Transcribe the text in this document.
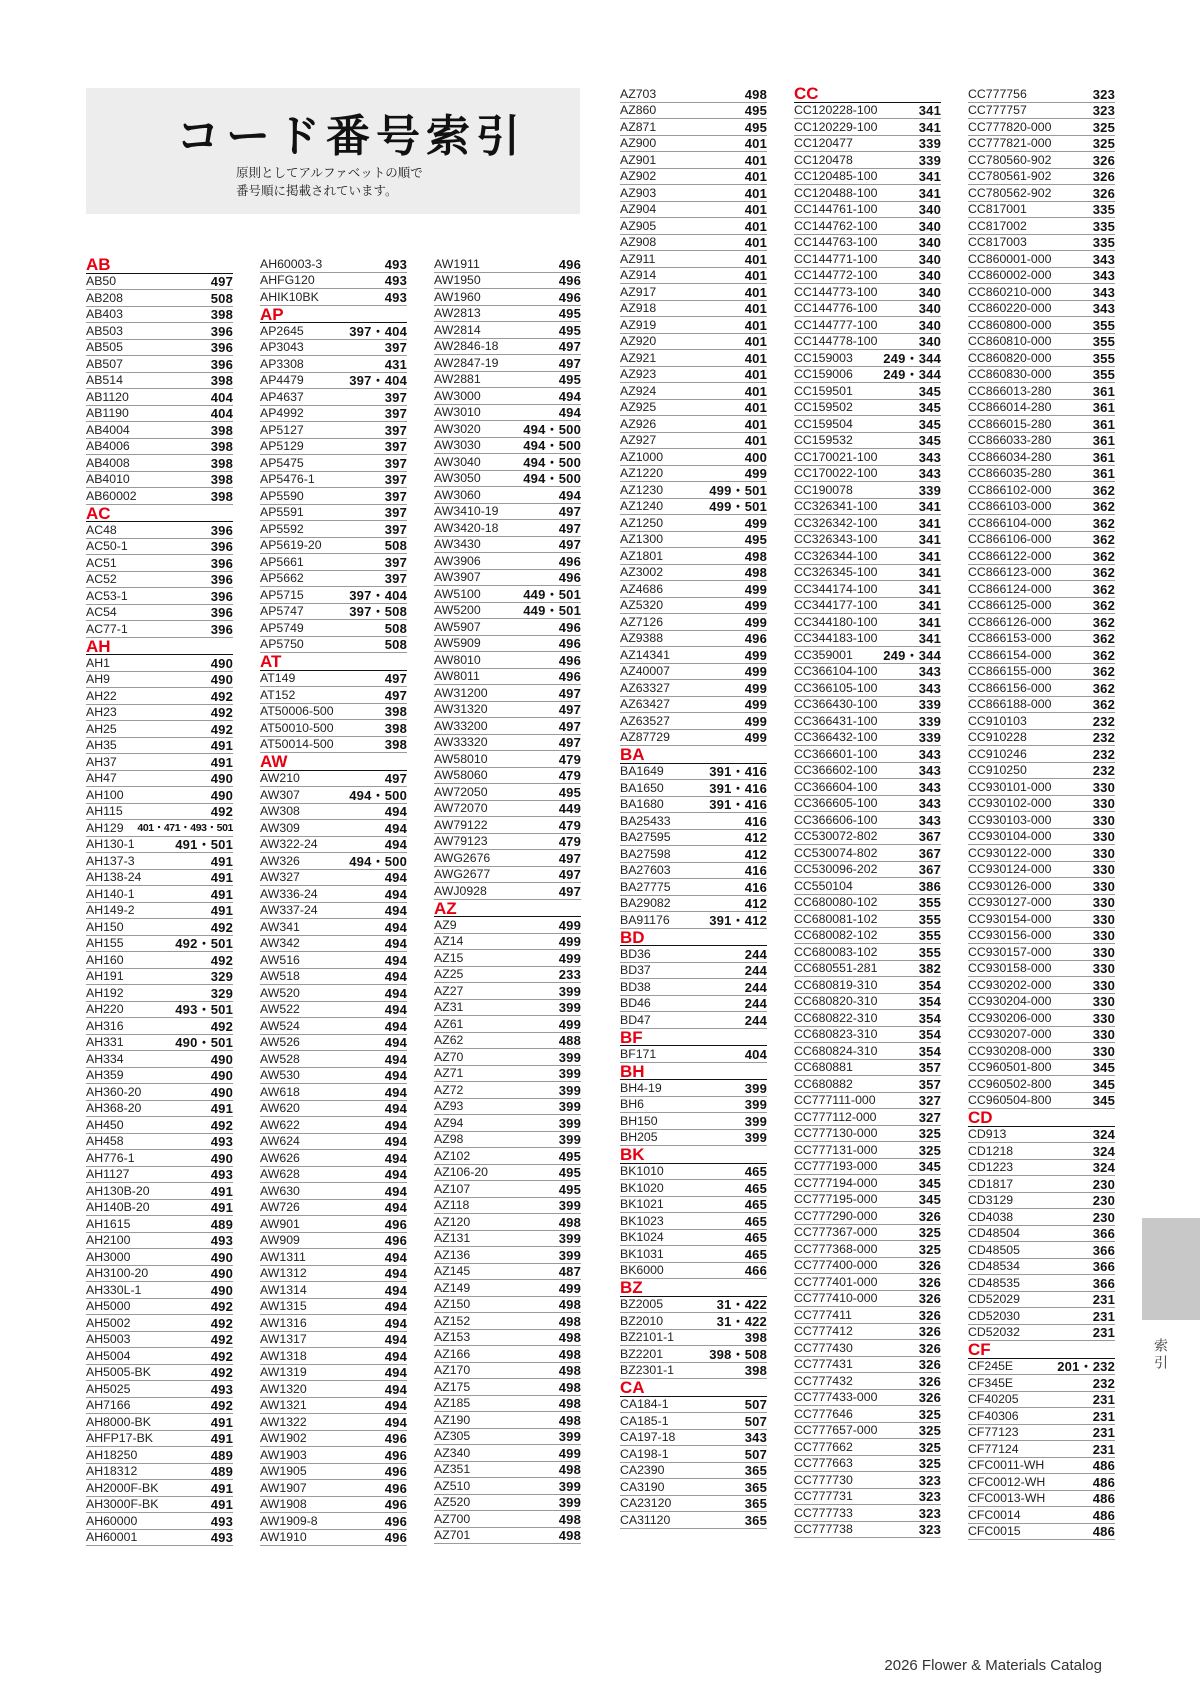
コード番号索引
原則としてアルファベットの順で
番号順に掲載されています。
AB
AB50	497
AB208	508
AB403	398
AB503	396
AB505	396
AB507	396
AB514	398
AB1120	404
AB1190	404
AB4004	398
AB4006	398
AB4008	398
AB4010	398
AB60002	398
AC
AC48	396
AC50-1	396
AC51	396
AC52	396
AC53-1	396
AC54	396
AC77-1	396
AH
AH1	490
AH9	490
AH22	492
AH23	492
AH25	492
AH35	491
AH37	491
AH47	490
AH100	490
AH115	492
AH129 401・471・493・501
AH130-1	491・501
AH137-3	491
AH138-24	491
AH140-1	491
AH149-2	491
AH150	492
AH155	492・501
AH160	492
AH191	329
AH192	329
AH220	493・501
AH316	492
AH331	490・501
AH334	490
AH359	490
AH360-20	490
AH368-20	491
AH450	492
AH458	493
AH776-1	490
AH1127	493
AH130B-20	491
AH140B-20	491
AH1615	489
AH2100	493
AH3000	490
AH3100-20	490
AH330L-1	490
AH5000	492
AH5002	492
AH5003	492
AH5004	492
AH5005-BK	492
AH5025	493
AH7166	492
AH8000-BK	491
AHFP17-BK	491
AH18250	489
AH18312	489
AH2000F-BK	491
AH3000F-BK	491
AH60000	493
AH60001	493
AH60003-3	493
AHFG120	493
AHIK10BK	493
AP
AP2645	397・404
AP3043	397
AP3308	431
AP4479	397・404
AP4637	397
AP4992	397
AP5127	397
AP5129	397
AP5475	397
AP5476-1	397
AP5590	397
AP5591	397
AP5592	397
AP5619-20	508
AP5661	397
AP5662	397
AP5715	397・404
AP5747	397・508
AP5749	508
AP5750	508
AT
AT149	497
AT152	497
AT50006-500	398
AT50010-500	398
AT50014-500	398
AW
AW210	497
AW307	494・500
AW308	494
AW309	494
AW322-24	494
AW326	494・500
AW327	494
AW336-24	494
AW337-24	494
AW341	494
AW342	494
AW516	494
AW518	494
AW520	494
AW522	494
AW524	494
AW526	494
AW528	494
AW530	494
AW618	494
AW620	494
AW622	494
AW624	494
AW626	494
AW628	494
AW630	494
AW726	494
AW901	496
AW909	496
AW1311	494
AW1312	494
AW1314	494
AW1315	494
AW1316	494
AW1317	494
AW1318	494
AW1319	494
AW1320	494
AW1321	494
AW1322	494
AW1902	496
AW1903	496
AW1905	496
AW1907	496
AW1908	496
AW1909-8	496
AW1910	496
AW1911	496
AW1950	496
AW1960	496
AW2813	495
AW2814	495
AW2846-18	497
AW2847-19	497
AW2881	495
AW3000	494
AW3010	494
AW3020	494・500
AW3030	494・500
AW3040	494・500
AW3050	494・500
AW3060	494
AW3410-19	497
AW3420-18	497
AW3430	497
AW3906	496
AW3907	496
AW5100	449・501
AW5200	449・501
AW5907	496
AW5909	496
AW8010	496
AW8011	496
AW31200	497
AW31320	497
AW33200	497
AW33320	497
AW58010	479
AW58060	479
AW72050	495
AW72070	449
AW79122	479
AW79123	479
AWG2676	497
AWG2677	497
AWJ0928	497
AZ
AZ9	499
AZ14	499
AZ15	499
AZ25	233
AZ27	399
AZ31	399
AZ61	499
AZ62	488
AZ70	399
AZ71	399
AZ72	399
AZ93	399
AZ94	399
AZ98	399
AZ102	495
AZ106-20	495
AZ107	495
AZ118	399
AZ120	498
AZ131	399
AZ136	399
AZ145	487
AZ149	499
AZ150	498
AZ152	498
AZ153	498
AZ166	498
AZ170	498
AZ175	498
AZ185	498
AZ190	498
AZ305	399
AZ340	499
AZ351	498
AZ510	399
AZ520	399
AZ700	498
AZ701	498
AZ703	498
AZ860	495
AZ871	495
AZ900	401
AZ901	401
AZ902	401
AZ903	401
AZ904	401
AZ905	401
AZ908	401
AZ911	401
AZ914	401
AZ917	401
AZ918	401
AZ919	401
AZ920	401
AZ921	401
AZ923	401
AZ924	401
AZ925	401
AZ926	401
AZ927	401
AZ1000	400
AZ1220	499
AZ1230	499・501
AZ1240	499・501
AZ1250	499
AZ1300	495
AZ1801	498
AZ3002	498
AZ4686	499
AZ5320	499
AZ7126	499
AZ9388	496
AZ14341	499
AZ40007	499
AZ63327	499
AZ63427	499
AZ63527	499
AZ87729	499
BA
BA1649	391・416
BA1650	391・416
BA1680	391・416
BA25433	416
BA27595	412
BA27598	412
BA27603	416
BA27775	416
BA29082	412
BA91176	391・412
BD
BD36	244
BD37	244
BD38	244
BD46	244
BD47	244
BF
BF171	404
BH
BH4-19	399
BH6	399
BH150	399
BH205	399
BK
BK1010	465
BK1020	465
BK1021	465
BK1023	465
BK1024	465
BK1031	465
BK6000	466
BZ
BZ2005	31・422
BZ2010	31・422
BZ2101-1	398
BZ2201	398・508
BZ2301-1	398
CA
CA184-1	507
CA185-1	507
CA197-18	343
CA198-1	507
CA2390	365
CA3190	365
CA23120	365
CA31120	365
CC
CC120228-100	341
CC120229-100	341
CC120477	339
CC120478	339
CC120485-100	341
CC120488-100	341
CC144761-100	340
CC144762-100	340
CC144763-100	340
CC144771-100	340
CC144772-100	340
CC144773-100	340
CC144776-100	340
CC144777-100	340
CC144778-100	340
CC159003 249・344
CC159006 249・344
CC159501	345
CC159502	345
CC159504	345
CC159532	345
CC170021-100	343
CC170022-100	343
CC190078	339
CC326341-100	341
CC326342-100	341
CC326343-100	341
CC326344-100	341
CC326345-100	341
CC344174-100	341
CC344177-100	341
CC344180-100	341
CC344183-100	341
CC359001 249・344
CC366104-100	343
CC366105-100	343
CC366430-100	339
CC366431-100	339
CC366432-100	339
CC366601-100	343
CC366602-100	343
CC366604-100	343
CC366605-100	343
CC366606-100	343
CC530072-802	367
CC530074-802	367
CC530096-202	367
CC550104	386
CC680080-102	355
CC680081-102	355
CC680082-102	355
CC680083-102	355
CC680551-281	382
CC680819-310	354
CC680820-310	354
CC680822-310	354
CC680823-310	354
CC680824-310	354
CC680881	357
CC680882	357
CC777111-000	327
CC777112-000	327
CC777130-000	325
CC777131-000	325
CC777193-000	345
CC777194-000	345
CC777195-000	345
CC777290-000	326
CC777367-000	325
CC777368-000	325
CC777400-000	326
CC777401-000	326
CC777410-000	326
CC777411	326
CC777412	326
CC777430	326
CC777431	326
CC777432	326
CC777433-000	326
CC777646	325
CC777657-000	325
CC777662	325
CC777663	325
CC777730	323
CC777731	323
CC777733	323
CC777738	323
CC777756	323
CC777757	323
CC777820-000	325
CC777821-000	325
CC780560-902	326
CC780561-902	326
CC780562-902	326
CC817001	335
CC817002	335
CC817003	335
CC860001-000	343
CC860002-000	343
CC860210-000	343
CC860220-000	343
CC860800-000	355
CC860810-000	355
CC860820-000	355
CC860830-000	355
CC866013-280	361
CC866014-280	361
CC866015-280	361
CC866033-280	361
CC866034-280	361
CC866035-280	361
CC866102-000	362
CC866103-000	362
CC866104-000	362
CC866106-000	362
CC866122-000	362
CC866123-000	362
CC866124-000	362
CC866125-000	362
CC866126-000	362
CC866153-000	362
CC866154-000	362
CC866155-000	362
CC866156-000	362
CC866188-000	362
CC910103	232
CC910228	232
CC910246	232
CC910250	232
CC930101-000	330
CC930102-000	330
CC930103-000	330
CC930104-000	330
CC930122-000	330
CC930124-000	330
CC930126-000	330
CC930127-000	330
CC930154-000	330
CC930156-000	330
CC930157-000	330
CC930158-000	330
CC930202-000	330
CC930204-000	330
CC930206-000	330
CC930207-000	330
CC930208-000	330
CC960501-800	345
CC960502-800	345
CC960504-800	345
CD
CD913	324
CD1218	324
CD1223	324
CD1817	230
CD3129	230
CD4038	230
CD48504	366
CD48505	366
CD48534	366
CD48535	366
CD52029	231
CD52030	231
CD52032	231
CF
CF245E	201・232
CF345E	232
CF40205	231
CF40306	231
CF77123	231
CF77124	231
CFC0011-WH	486
CFC0012-WH	486
CFC0013-WH	486
CFC0014	486
CFC0015	486
索引
2026 Flower & Materials Catalog
